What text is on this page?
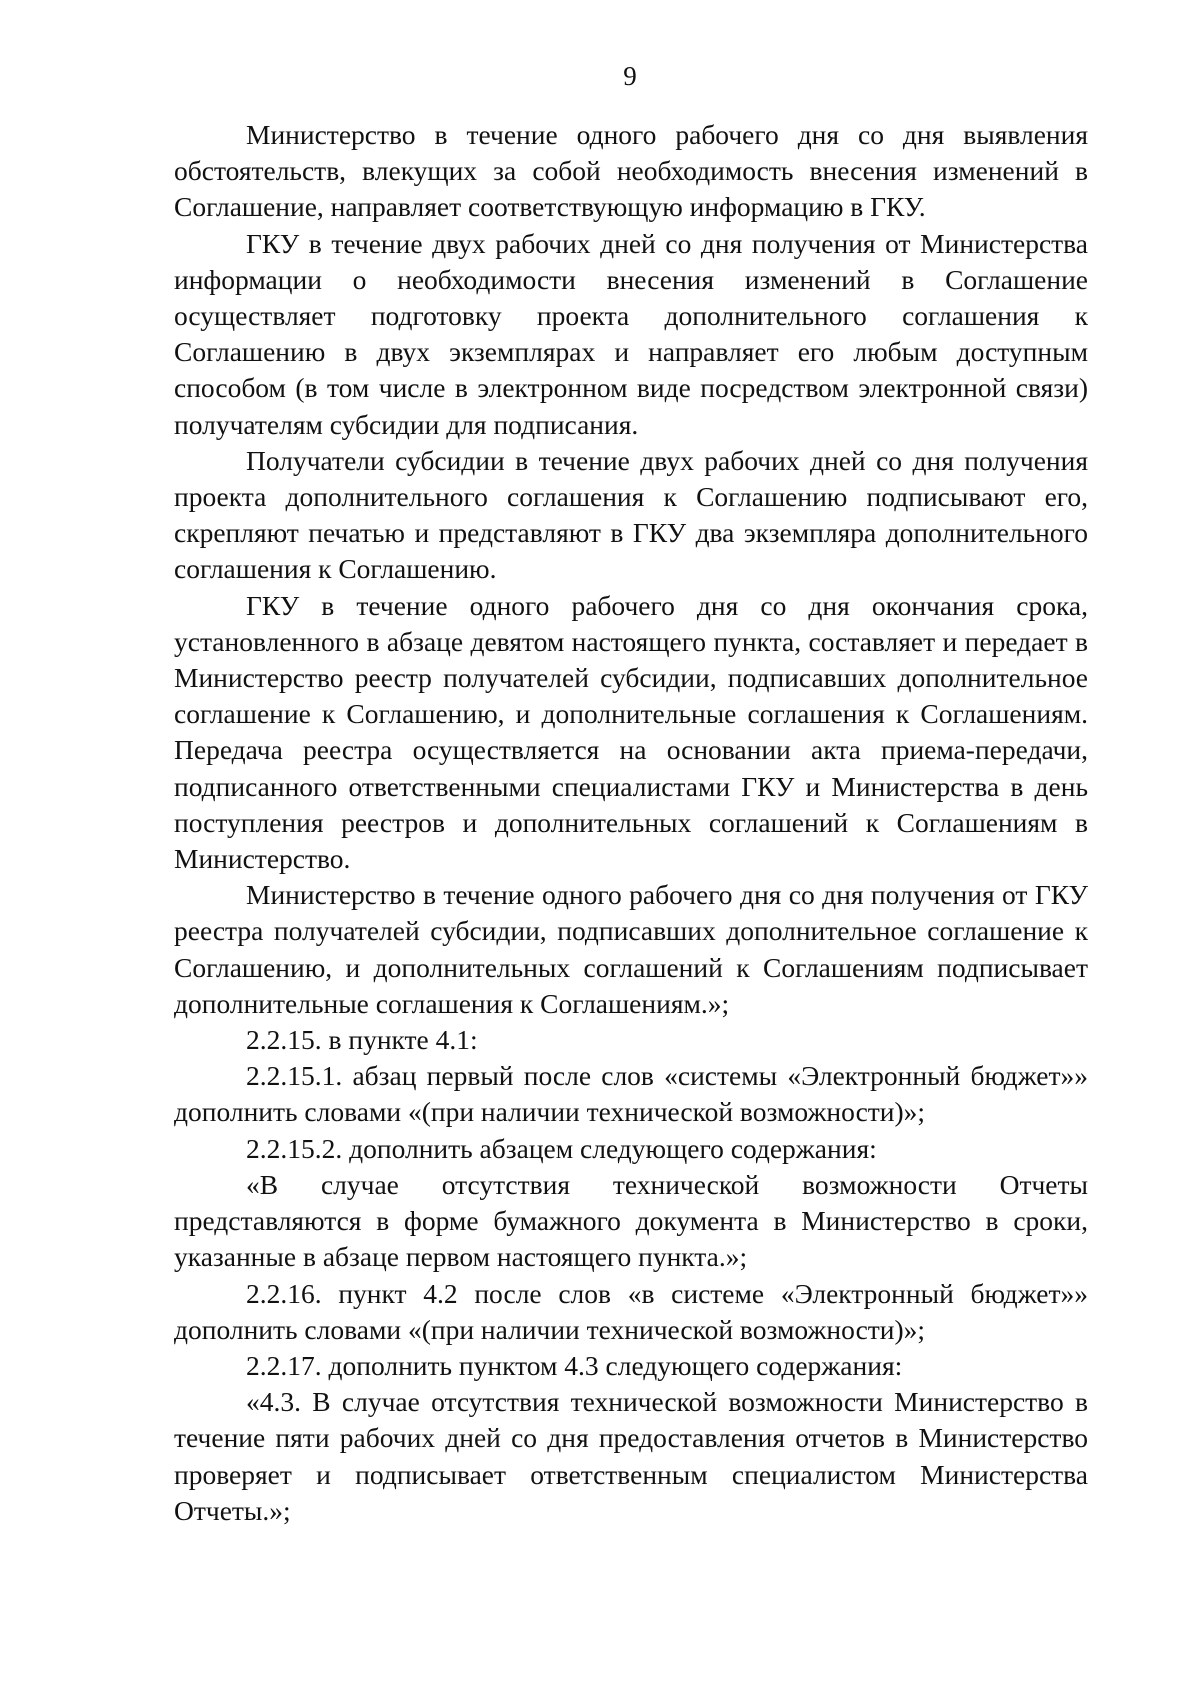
9

Министерство в течение одного рабочего дня со дня выявления обстоятельств, влекущих за собой необходимость внесения изменений в Соглашение, направляет соответствующую информацию в ГКУ.

ГКУ в течение двух рабочих дней со дня получения от Министерства информации о необходимости внесения изменений в Соглашение осуществляет подготовку проекта дополнительного соглашения к Соглашению в двух экземплярах и направляет его любым доступным способом (в том числе в электронном виде посредством электронной связи) получателям субсидии для подписания.

Получатели субсидии в течение двух рабочих дней со дня получения проекта дополнительного соглашения к Соглашению подписывают его, скрепляют печатью и представляют в ГКУ два экземпляра дополнительного соглашения к Соглашению.

ГКУ в течение одного рабочего дня со дня окончания срока, установленного в абзаце девятом настоящего пункта, составляет и передает в Министерство реестр получателей субсидии, подписавших дополнительное соглашение к Соглашению, и дополнительные соглашения к Соглашениям. Передача реестра осуществляется на основании акта приема-передачи, подписанного ответственными специалистами ГКУ и Министерства в день поступления реестров и дополнительных соглашений к Соглашениям в Министерство.

Министерство в течение одного рабочего дня со дня получения от ГКУ реестра получателей субсидии, подписавших дополнительное соглашение к Соглашению, и дополнительных соглашений к Соглашениям подписывает дополнительные соглашения к Соглашениям.»;

2.2.15. в пункте 4.1:

2.2.15.1. абзац первый после слов «системы «Электронный бюджет»» дополнить словами «(при наличии технической возможности)»;

2.2.15.2. дополнить абзацем следующего содержания:

«В случае отсутствия технической возможности Отчеты представляются в форме бумажного документа в Министерство в сроки, указанные в абзаце первом настоящего пункта.»;

2.2.16. пункт 4.2 после слов «в системе «Электронный бюджет»» дополнить словами «(при наличии технической возможности)»;

2.2.17. дополнить пунктом 4.3 следующего содержания:

«4.3. В случае отсутствия технической возможности Министерство в течение пяти рабочих дней со дня предоставления отчетов в Министерство проверяет и подписывает ответственным специалистом Министерства Отчеты.»;
